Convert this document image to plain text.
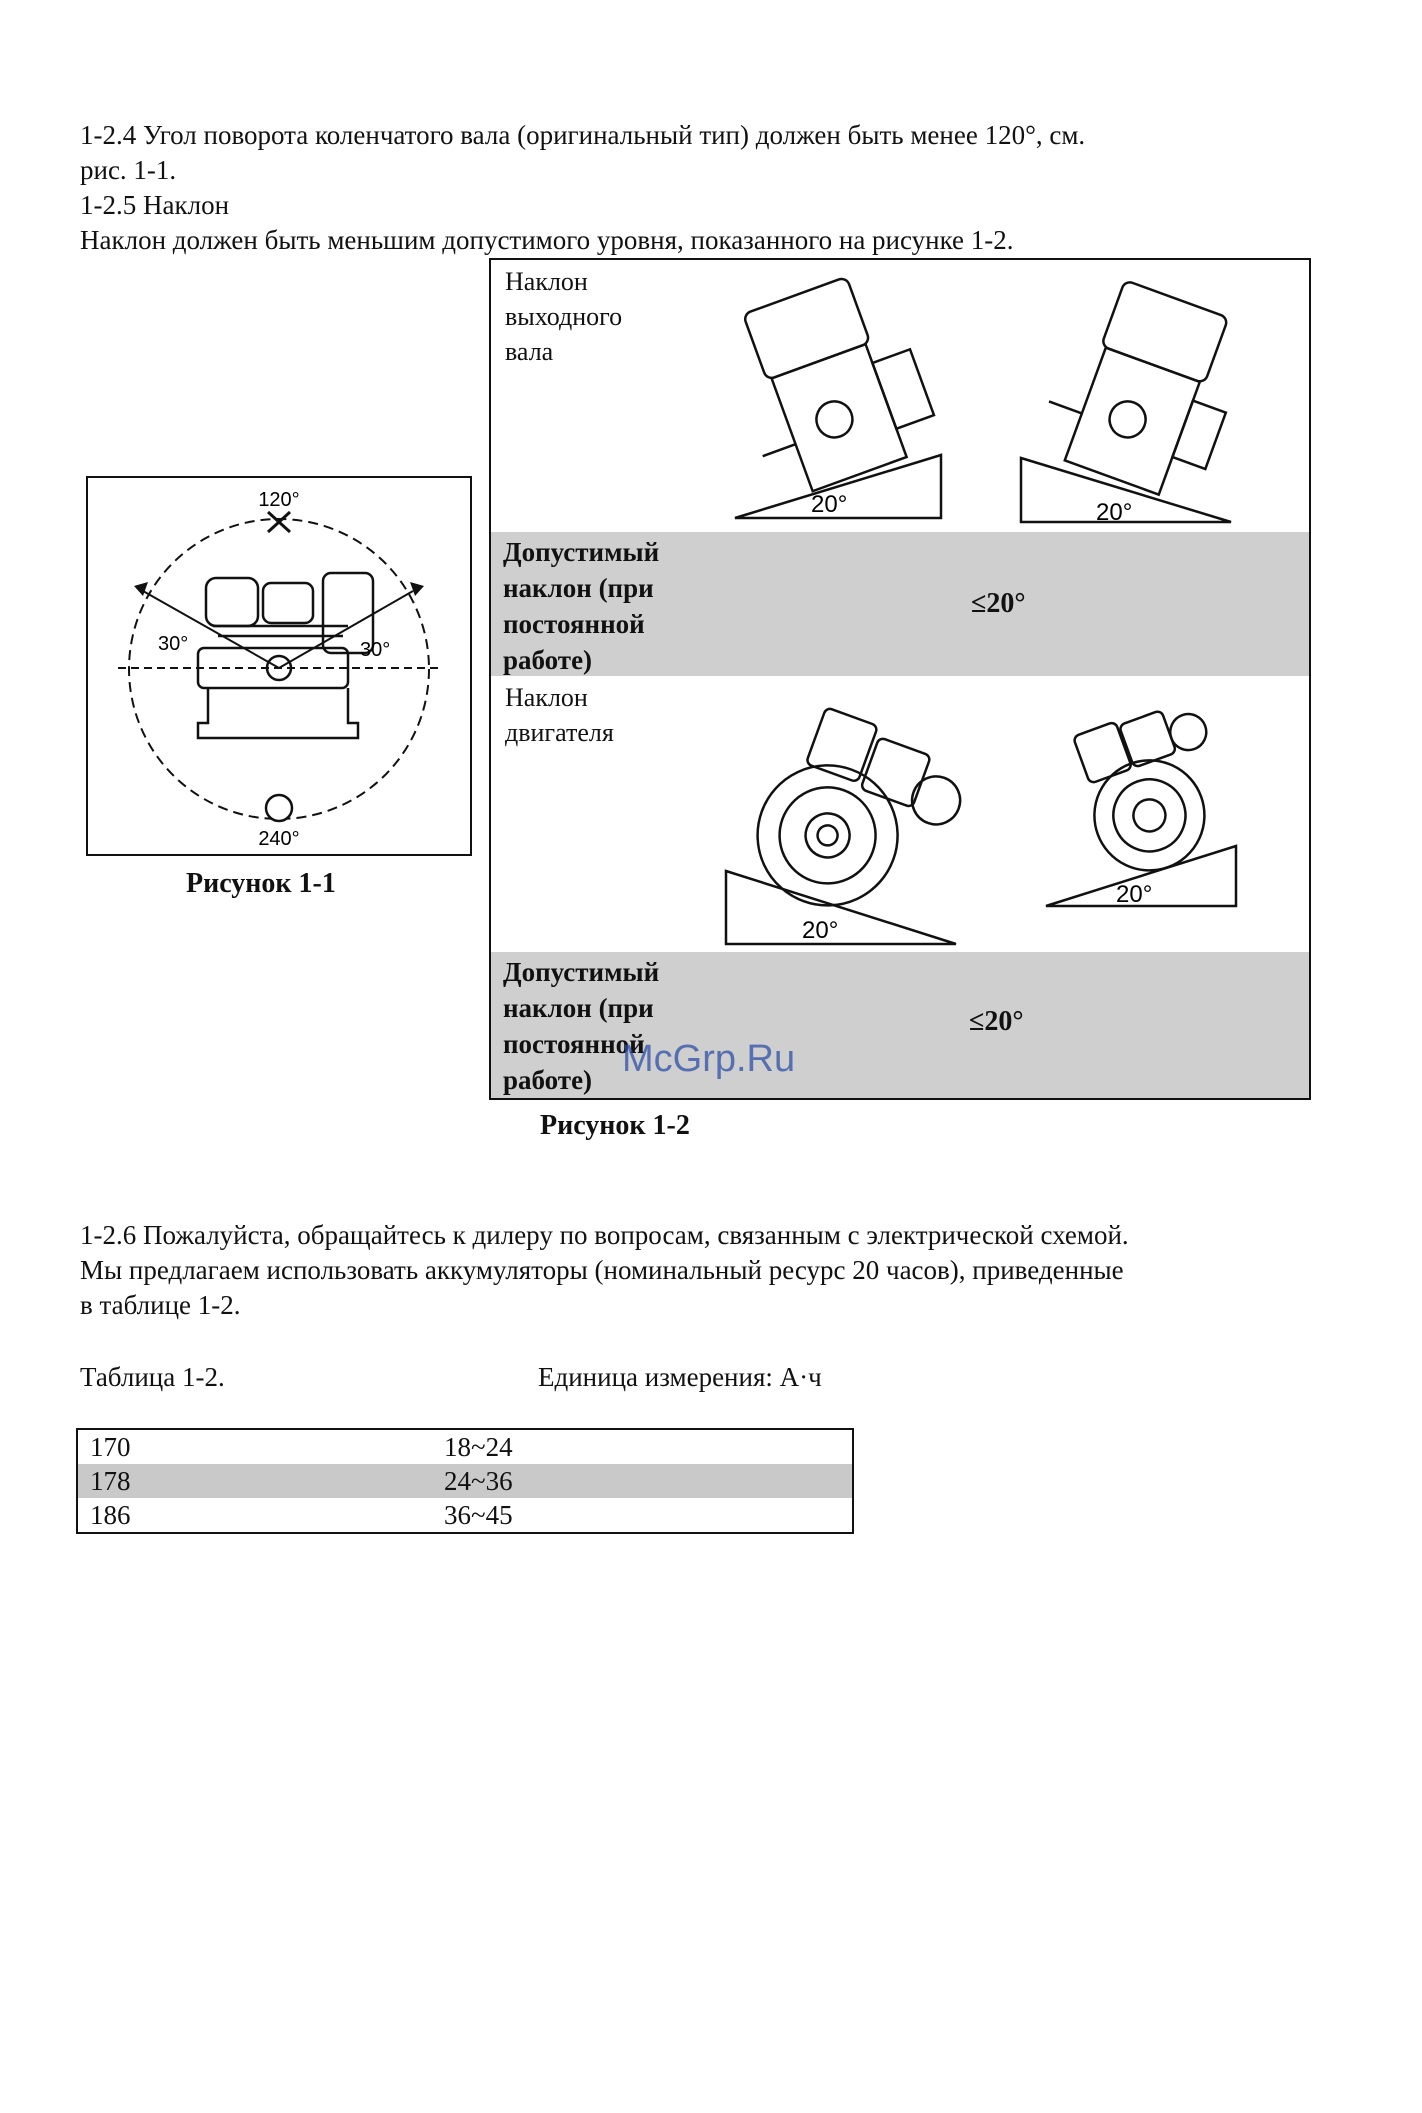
1-2.4 Угол поворота коленчатого вала (оригинальный тип) должен быть менее 120°, см.
рис. 1-1.
1-2.5 Наклон
Наклон должен быть меньшим допустимого уровня, показанного на рисунке 1-2.
120°
240°
30°	30°
Рисунок 1-1
Наклон
выходного
вала
20°	20°
Допустимый
наклон (при
постоянной
работе)
≤20°
Наклон
двигателя
20°
20°
Допустимый
наклон (при
постоянной
работе)
≤20°
McGrp.Ru
Рисунок 1-2
1-2.6 Пожалуйста, обращайтесь к дилеру по вопросам, связанным с электрической схемой.
Мы предлагаем использовать аккумуляторы (номинальный ресурс 20 часов), приведенные
в таблице 1-2.
Таблица 1-2.	Единица измерения: А·ч
170	18~24
178	24~36
186	36~45
